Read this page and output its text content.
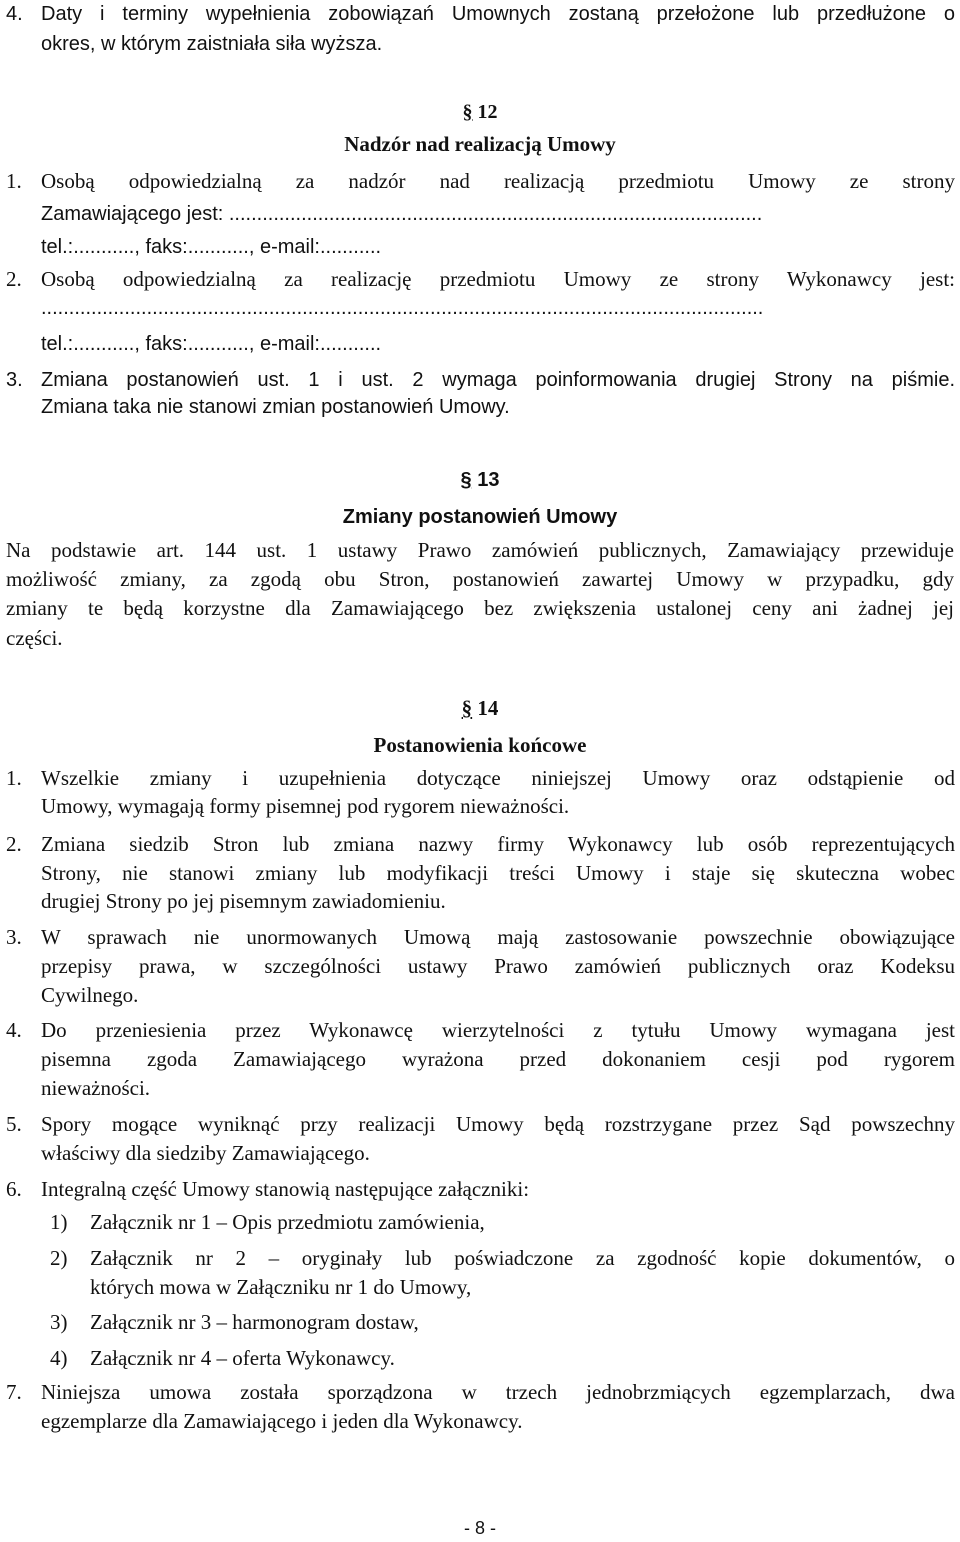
4. Daty i terminy wypełnienia zobowiązań Umownych zostaną przełożone lub przedłużone o
okres, w którym zaistniała siła wyższa.
§ 12
Nadzór nad realizacją Umowy
1. Osobą odpowiedzialną za nadzór nad realizacją przedmiotu Umowy ze strony
Zamawiającego jest: ................................................................................................
tel.:..........., faks:..........., e-mail:...........
2. Osobą odpowiedzialną za realizację przedmiotu Umowy ze strony Wykonawcy jest:
..................................................................................................................................
tel.:..........., faks:..........., e-mail:...........
3. Zmiana postanowień ust. 1 i ust. 2 wymaga poinformowania drugiej Strony na piśmie.
Zmiana taka nie stanowi zmian postanowień Umowy.
§ 13
Zmiany postanowień Umowy
Na podstawie art. 144 ust. 1 ustawy Prawo zamówień publicznych, Zamawiający przewiduje
możliwość zmiany, za zgodą obu Stron, postanowień zawartej Umowy w przypadku, gdy
zmiany te będą korzystne dla Zamawiającego bez zwiększenia ustalonej ceny ani żadnej jej
części.
§ 14
Postanowienia końcowe
1. Wszelkie zmiany i uzupełnienia dotyczące niniejszej Umowy oraz odstąpienie od
Umowy, wymagają formy pisemnej pod rygorem nieważności.
2. Zmiana siedzib Stron lub zmiana nazwy firmy Wykonawcy lub osób reprezentujących
Strony, nie stanowi zmiany lub modyfikacji treści Umowy i staje się skuteczna wobec
drugiej Strony po jej pisemnym zawiadomieniu.
3. W sprawach nie unormowanych Umową mają zastosowanie powszechnie obowiązujące
przepisy prawa, w szczególności ustawy Prawo zamówień publicznych oraz Kodeksu
Cywilnego.
4. Do przeniesienia przez Wykonawcę wierzytelności z tytułu Umowy wymagana jest
pisemna zgoda Zamawiającego wyrażona przed dokonaniem cesji pod rygorem
nieważności.
5. Spory mogące wyniknąć przy realizacji Umowy będą rozstrzygane przez Sąd powszechny
właściwy dla siedziby Zamawiającego.
6. Integralną część Umowy stanowią następujące załączniki:
1) Załącznik nr 1 – Opis przedmiotu zamówienia,
2) Załącznik nr 2 – oryginały lub poświadczone za zgodność kopie dokumentów, o
których mowa w Załączniku nr 1 do Umowy,
3) Załącznik nr 3 – harmonogram dostaw,
4) Załącznik nr 4 – oferta Wykonawcy.
7. Niniejsza umowa została sporządzona w trzech jednobrzmiących egzemplarzach, dwa
egzemplarze dla Zamawiającego i jeden dla Wykonawcy.
- 8 -
